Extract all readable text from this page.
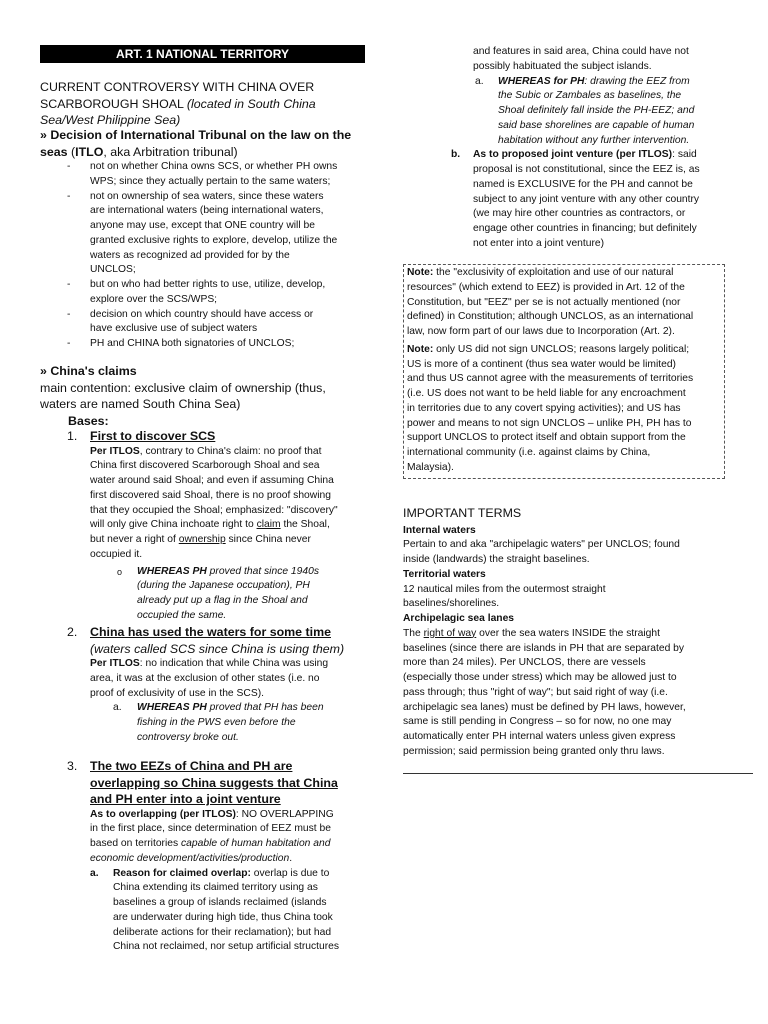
ART. 1 NATIONAL TERRITORY
CURRENT CONTROVERSY WITH CHINA OVER
SCARBOROUGH SHOAL (located in South China
Sea/West Philippine Sea)
» Decision of International Tribunal on the law on the
seas (ITLO, aka Arbitration tribunal)
- not on whether China owns SCS, or whether PH owns
WPS; since they actually pertain to the same waters;
- not on ownership of sea waters, since these waters
are international waters (being international waters,
anyone may use, except that ONE country will be
granted exclusive rights to explore, develop, utilize the
waters as recognized ad provided for by the
UNCLOS;
- but on who had better rights to use, utilize, develop,
explore over the SCS/WPS;
- decision on which country should have access or
have exclusive use of subject waters
- PH and CHINA both signatories of UNCLOS;
» China's claims
main contention: exclusive claim of ownership (thus,
waters are named South China Sea)
Bases:
1. First to discover SCS
Per ITLOS, contrary to China's claim: no proof that
China first discovered Scarborough Shoal and sea
water around said Shoal; and even if assuming China
first discovered said Shoal, there is no proof showing
that they occupied the Shoal; emphasized: "discovery"
will only give China inchoate right to claim the Shoal,
but never a right of ownership since China never
occupied it.
o WHEREAS PH proved that since 1940s
(during the Japanese occupation), PH
already put up a flag in the Shoal and
occupied the same.
2. China has used the waters for some time
(waters called SCS since China is using them)
Per ITLOS: no indication that while China was using
area, it was at the exclusion of other states (i.e. no
proof of exclusivity of use in the SCS).
a. WHEREAS PH proved that PH has been
fishing in the PWS even before the
controversy broke out.
3. The two EEZs of China and PH are
overlapping so China suggests that China
and PH enter into a joint venture
As to overlapping (per ITLOS): NO OVERLAPPING
in the first place, since determination of EEZ must be
based on territories capable of human habitation and
economic development/activities/production.
a. Reason for claimed overlap: overlap is due to
China extending its claimed territory using as
baselines a group of islands reclaimed (islands
are underwater during high tide, thus China took
deliberate actions for their reclamation); but had
China not reclaimed, nor setup artificial structures
and features in said area, China could have not
possibly habituated the subject islands.
a. WHEREAS for PH: drawing the EEZ from
the Subic or Zambales as baselines, the
Shoal definitely fall inside the PH-EEZ; and
said base shorelines are capable of human
habitation without any further intervention.
b. As to proposed joint venture (per ITLOS): said
proposal is not constitutional, since the EEZ is, as
named is EXCLUSIVE for the PH and cannot be
subject to any joint venture with any other country
(we may hire other countries as contractors, or
engage other countries in financing; but definitely
not enter into a joint venture)
Note: the "exclusivity of exploitation and use of our natural
resources" (which extend to EEZ) is provided in Art. 12 of the
Constitution, but "EEZ" per se is not actually mentioned (nor
defined) in Constitution; although UNCLOS, as an international
law, now form part of our laws due to Incorporation (Art. 2).
Note: only US did not sign UNCLOS; reasons largely political;
US is more of a continent (thus sea water would be limited)
and thus US cannot agree with the measurements of territories
(i.e. US does not want to be held liable for any encroachment
in territories due to any covert spying activities); and US has
power and means to not sign UNCLOS – unlike PH, PH has to
support UNCLOS to protect itself and obtain support from the
international community (i.e. against claims by China,
Malaysia).
IMPORTANT TERMS
Internal waters
Pertain to and aka "archipelagic waters" per UNCLOS; found
inside (landwards) the straight baselines.
Territorial waters
12 nautical miles from the outermost straight
baselines/shorelines.
Archipelagic sea lanes
The right of way over the sea waters INSIDE the straight
baselines (since there are islands in PH that are separated by
more than 24 miles). Per UNCLOS, there are vessels
(especially those under stress) which may be allowed just to
pass through; thus "right of way"; but said right of way (i.e.
archipelagic sea lanes) must be defined by PH laws, however,
same is still pending in Congress – so for now, no one may
automatically enter PH internal waters unless given express
permission; said permission being granted only thru laws.
